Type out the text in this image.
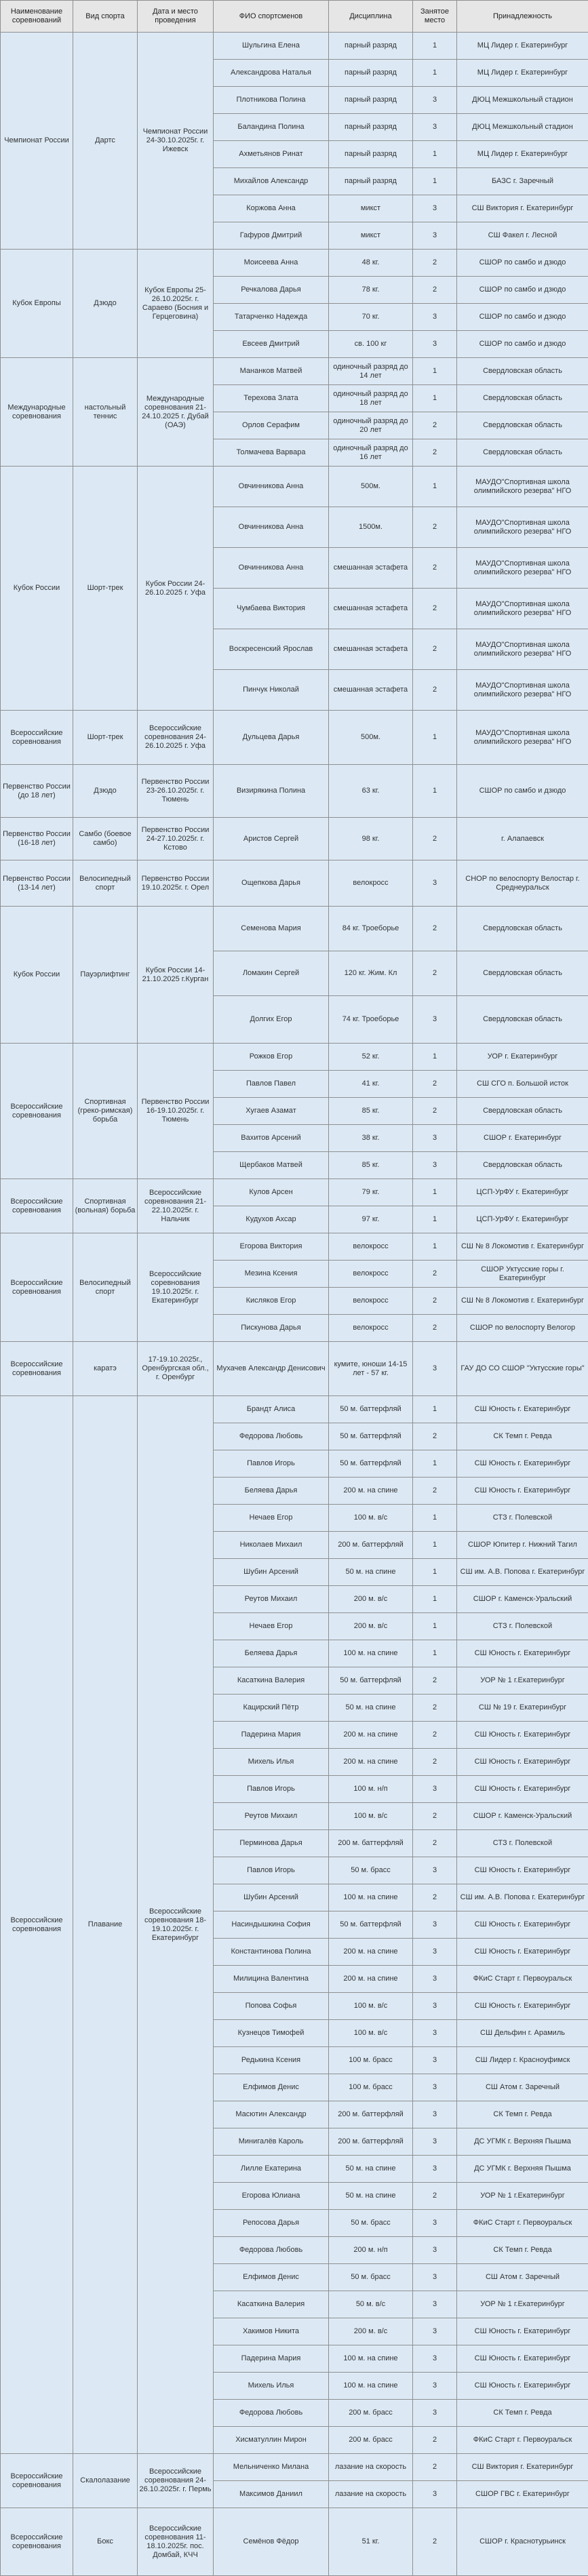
Наименование соревнований	Вид спорта	Дата и место проведения	ФИО спортсменов	Дисциплина	Занятое место	Принадлежность
Чемпионат России	Дартс	Чемпионат России 24-30.10.2025г. г. Ижевск	Шульгина Елена	парный разряд	1	МЦ Лидер г. Екатеринбург
			Александрова Наталья	парный разряд	1	МЦ Лидер г. Екатеринбург
			Плотникова Полина	парный разряд	3	ДЮЦ Межшкольный стадион
			Баландина Полина	парный разряд	3	ДЮЦ Межшкольный стадион
			Ахметьянов Ринат	парный разряд	1	МЦ Лидер г. Екатеринбург
			Михайлов Александр	парный разряд	1	БАЗС г. Заречный
			Коржова Анна	микст	3	СШ Виктория г. Екатеринбург
			Гафуров Дмитрий	микст	3	СШ Факел г. Лесной
Кубок Европы	Дзюдо	Кубок Европы 25-26.10.2025г. г. Сараево (Босния и Герцеговина)	Моисеева Анна	48 кг.	2	СШОР по самбо и дзюдо
			Речкалова Дарья	78 кг.	2	СШОР по самбо и дзюдо
			Татарченко Надежда	70 кг.	3	СШОР по самбо и дзюдо
			Евсеев Дмитрий	св. 100 кг	3	СШОР по самбо и дзюдо
Международные соревнования	настольный теннис	Международные соревнования 21-24.10.2025 г. Дубай (ОАЭ)	Мананков Матвей	одиночный разряд до 14 лет	1	Свердловская область
			Терехова Злата	одиночный разряд до 18 лет	1	Свердловская область
			Орлов Серафим	одиночный разряд до 20 лет	2	Свердловская область
			Толмачева Варвара	одиночный разряд до 16 лет	2	Свердловская область
Кубок России	Шорт-трек	Кубок России 24-26.10.2025 г. Уфа	Овчинникова Анна	500м.	1	МАУДО"Спортивная школа олимпийского резерва" НГО
			Овчинникова Анна	1500м.	2	МАУДО"Спортивная школа олимпийского резерва" НГО
			Овчинникова Анна	смешанная эстафета	2	МАУДО"Спортивная школа олимпийского резерва" НГО
			Чумбаева Виктория	смешанная эстафета	2	МАУДО"Спортивная школа олимпийского резерва" НГО
			Воскресенский Ярослав	смешанная эстафета	2	МАУДО"Спортивная школа олимпийского резерва" НГО
			Пинчук Николай	смешанная эстафета	2	МАУДО"Спортивная школа олимпийского резерва" НГО
Всероссийские соревнования	Шорт-трек	Всероссийские соревнования 24-26.10.2025 г. Уфа	Дульцева Дарья	500м.	1	МАУДО"Спортивная школа олимпийского резерва" НГО
Первенство России (до 18 лет)	Дзюдо	Первенство России 23-26.10.2025г. г. Тюмень	Визирякина Полина	63 кг.	1	СШОР по самбо и дзюдо
Первенство России (16-18 лет)	Самбо (боевое самбо)	Первенство России 24-27.10.2025г. г. Кстово	Аристов Сергей	98 кг.	2	г. Алапаевск
Первенство России (13-14 лет)	Велосипедный спорт	Первенство России 19.10.2025г. г. Орел	Ощепкова Дарья	велокросс	3	СНОР по велоспорту Велостар г. Среднеуральск
Кубок России	Пауэрлифтинг	Кубок России 14-21.10.2025 г.Курган	Семенова Мария	84 кг. Троеборье	2	Свердловская область
			Ломакин Сергей	120 кг. Жим. Кл	2	Свердловская область
			Долгих Егор	74 кг. Троеборье	3	Свердловская область
Всероссийские соревнования	Спортивная (греко-римская) борьба	Первенство России 16-19.10.2025г. г. Тюмень	Рожков Егор	52 кг.	1	УОР г. Екатеринбург
			Павлов Павел	41 кг.	2	СШ СГО п. Большой исток
			Хугаев Азамат	85 кг.	2	Свердловская область
			Вахитов Арсений	38 кг.	3	СШОР г. Екатеринбург
			Щербаков Матвей	85 кг.	3	Свердловская область
Всероссийские соревнования	Спортивная (вольная) борьба	Всероссийские соревнования 21-22.10.2025г. г. Нальчик	Кулов Арсен	79 кг.	1	ЦСП-УрФУ г. Екатеринбург
			Кудухов Ахсар	97 кг.	1	ЦСП-УрФУ г. Екатеринбург
Всероссийские соревнования	Велосипедный спорт	Всероссийские соревнования 19.10.2025г. г. Екатеринбург	Егорова Виктория	велокросс	1	СШ № 8 Локомотив г. Екатеринбург
			Мезина Ксения	велокросс	2	СШОР Уктусские горы г. Екатеринбург
			Кисляков Егор	велокросс	2	СШ № 8 Локомотив г. Екатеринбург
			Пискунова Дарья	велокросс	2	СШОР по велоспорту Велогор
Всероссийские соревнования	каратэ	17-19.10.2025г., Оренбургская обл., г. Оренбург	Мухачев Александр Денисович	кумите, юноши 14-15 лет - 57 кг.	3	ГАУ ДО СО СШОР "Уктусские горы"
Всероссийские соревнования	Плавание	Всероссийские соревнования 18-19.10.2025г. г. Екатеринбург	Брандт Алиса	50 м. баттерфляй	1	СШ Юность г. Екатеринбург
			Федорова Любовь	50 м. баттерфляй	2	СК Темп г. Ревда
			Павлов Игорь	50 м. баттерфляй	1	СШ Юность г. Екатеринбург
			Беляева Дарья	200 м. на спине	2	СШ Юность г. Екатеринбург
			Нечаев Егор	100 м. в/с	1	СТЗ г. Полевской
			Николаев Михаил	200 м. баттерфляй	1	СШОР Юпитер г. Нижний Тагил
			Шубин Арсений	50 м. на спине	1	СШ им. А.В. Попова г. Екатеринбург
			Реутов Михаил	200 м. в/с	1	СШОР г. Каменск-Уральский
			Нечаев Егор	200 м. в/с	1	СТЗ г. Полевской
			Беляева Дарья	100 м. на спине	1	СШ Юность г. Екатеринбург
			Касаткина Валерия	50 м. баттерфляй	2	УОР № 1 г.Екатеринбург
			Кацирский Пётр	50 м. на спине	2	СШ № 19 г. Екатеринбург
			Падерина Мария	200 м. на спине	2	СШ Юность г. Екатеринбург
			Михель Илья	200 м. на спине	2	СШ Юность г. Екатеринбург
			Павлов Игорь	100 м. н/п	3	СШ Юность г. Екатеринбург
			Реутов Михаил	100 м. в/с	2	СШОР г. Каменск-Уральский
			Перминова Дарья	200 м. баттерфляй	2	СТЗ г. Полевской
			Павлов Игорь	50 м. брасс	3	СШ Юность г. Екатеринбург
			Шубин Арсений	100 м. на спине	2	СШ им. А.В. Попова г. Екатеринбург
			Насиндышкина София	50 м. баттерфляй	3	СШ Юность г. Екатеринбург
			Константинова Полина	200 м. на спине	3	СШ Юность г. Екатеринбург
			Милицина Валентина	200 м. на спине	3	ФКиС Старт г. Первоуральск
			Попова Софья	100 м. в/с	3	СШ Юность г. Екатеринбург
			Кузнецов Тимофей	100 м. в/с	3	СШ Дельфин г. Арамиль
			Редькина Ксения	100 м. брасс	3	СШ Лидер г. Красноуфимск
			Елфимов Денис	100 м. брасс	3	СШ Атом г. Заречный
			Масютин Александр	200 м. баттерфляй	3	СК Темп г. Ревда
			Минигалёв Кароль	200 м. баттерфляй	3	ДС УГМК г. Верхняя Пышма
			Лилле Екатерина	50 м. на спине	3	ДС УГМК г. Верхняя Пышма
			Егорова Юлиана	50 м. на спине	2	УОР № 1 г.Екатеринбург
			Репосова Дарья	50 м. брасс	3	ФКиС Старт г. Первоуральск
			Федорова Любовь	200 м. н/п	3	СК Темп г. Ревда
			Елфимов Денис	50 м. брасс	3	СШ Атом г. Заречный
			Касаткина Валерия	50 м. в/с	3	УОР № 1 г.Екатеринбург
			Хакимов Никита	200 м. в/с	3	СШ Юность г. Екатеринбург
			Падерина Мария	100 м. на спине	3	СШ Юность г. Екатеринбург
			Михель Илья	100 м. на спине	3	СШ Юность г. Екатеринбург
			Федорова Любовь	200 м. брасс	3	СК Темп г. Ревда
			Хисматуллин Мирон	200 м. брасс	2	ФКиС Старт г. Первоуральск
Всероссийские соревнования	Скалолазание	Всероссийские соревнования 24-26.10.2025г. г. Пермь	Мельниченко Милана	лазание на скорость	2	СШ Виктория г. Екатеринбург
			Максимов Даниил	лазание на скорость	3	СШОР ГВС г. Екатеринбург
Всероссийские соревнования	Бокс	Всероссийские соревнования 11-18.10.2025г. пос. Домбай, КЧЧ	Семёнов Фёдор	51 кг.	2	СШОР г. Краснотурьинск
